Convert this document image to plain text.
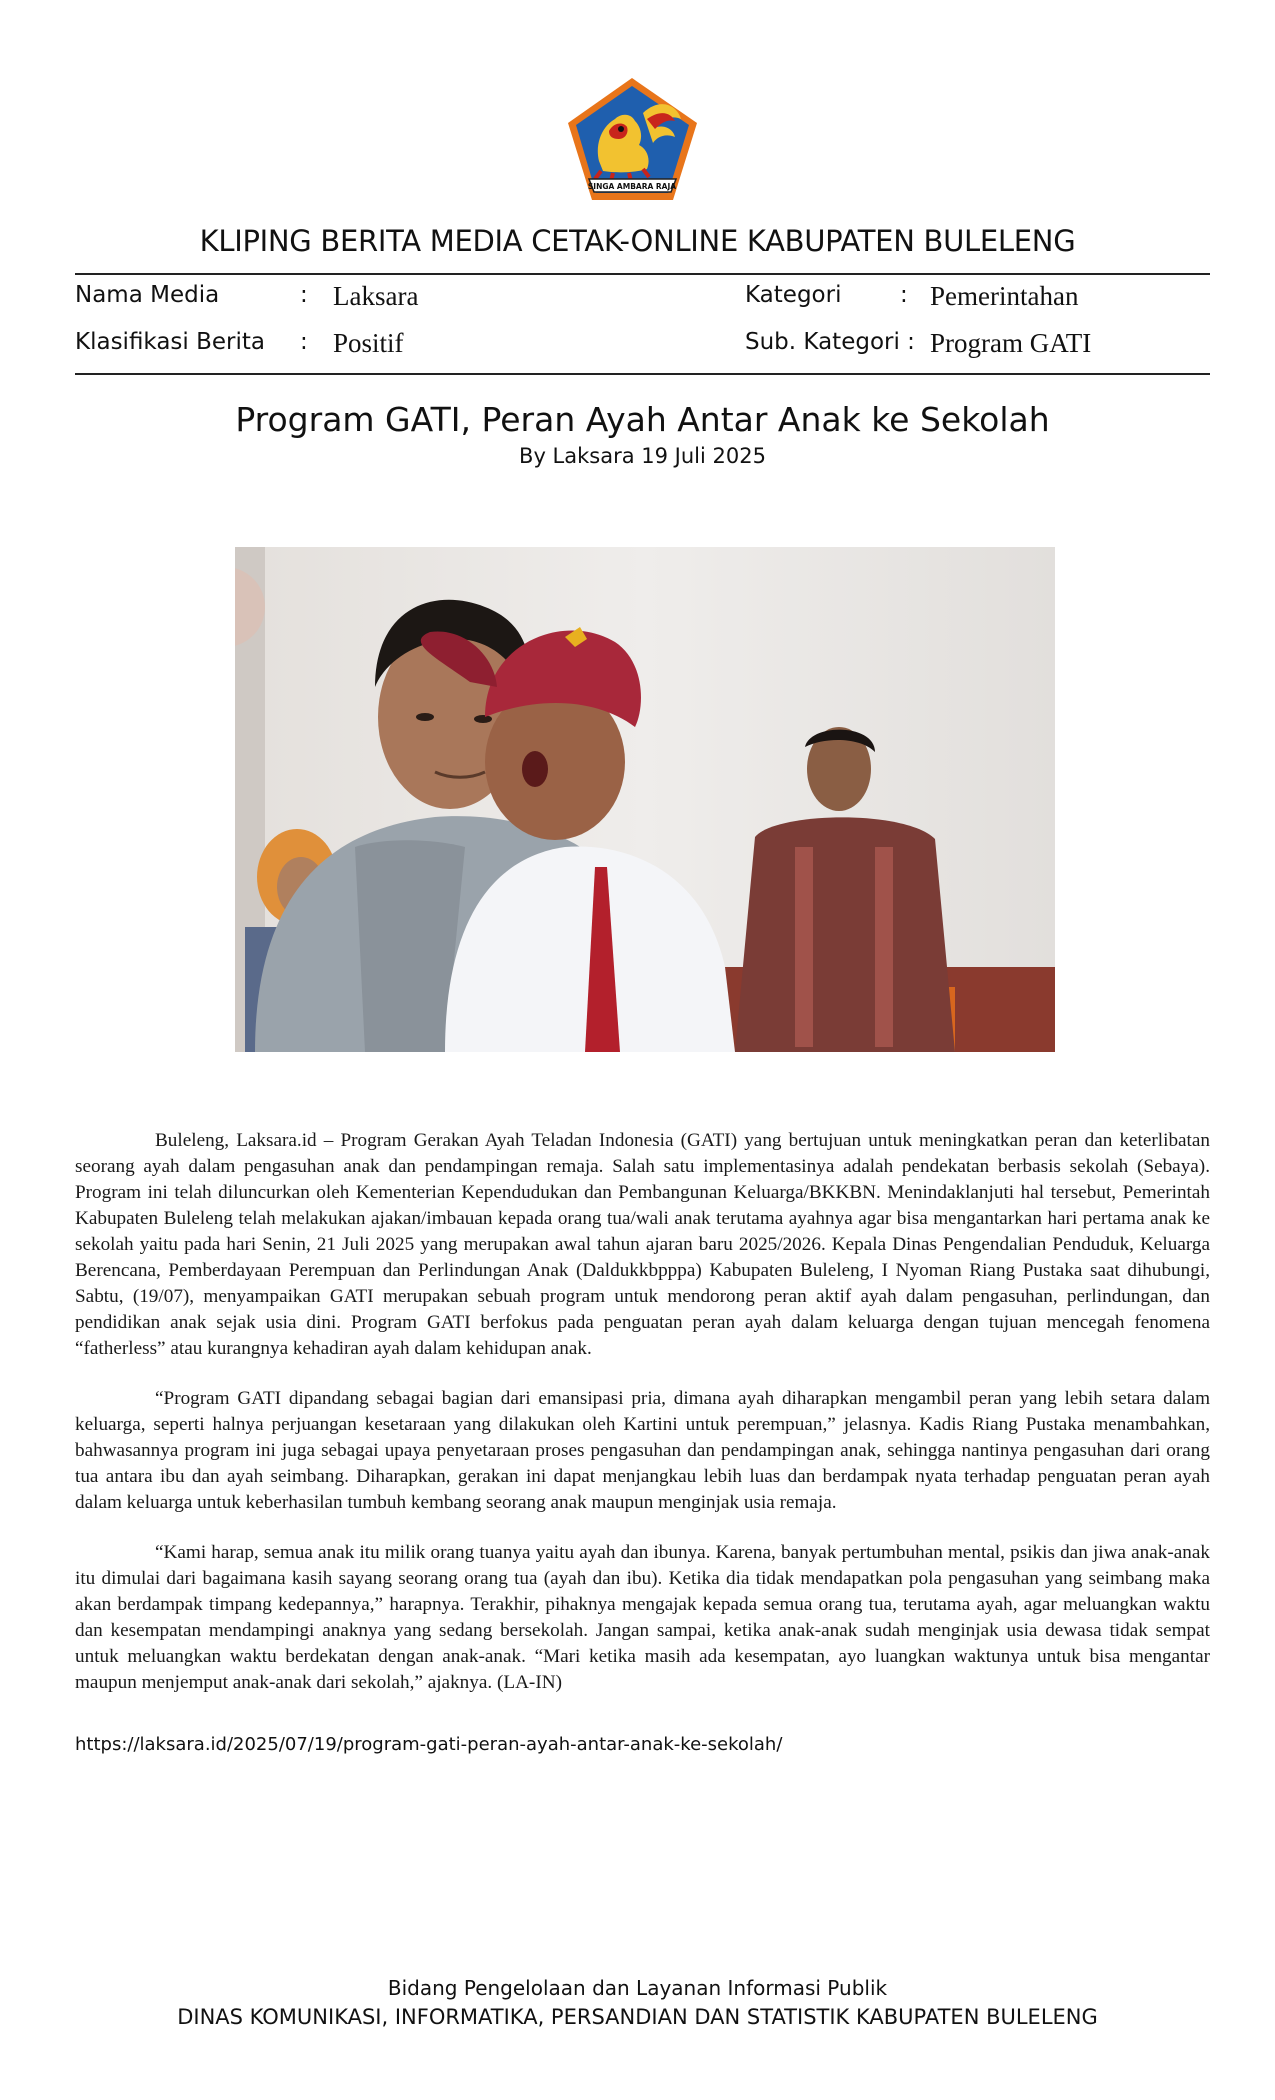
SINGA AMBARA RAJA
KLIPING BERITA MEDIA CETAK-ONLINE KABUPATEN BULELENG
Nama Media	: Laksara
Klasifikasi Berita : Positif
Kategori	: Pemerintahan
Sub. Kategori : Program GATI
Program GATI, Peran Ayah Antar Anak ke Sekolah
By Laksara 19 Juli 2025

Buleleng, Laksara.id – Program Gerakan Ayah Teladan Indonesia (GATI) yang bertujuan untuk meningkatkan peran dan keterlibatan seorang ayah dalam pengasuhan anak dan pendampingan remaja. Salah satu implementasinya adalah pendekatan berbasis sekolah (Sebaya). Program ini telah diluncurkan oleh Kementerian Kependudukan dan Pembangunan Keluarga/BKKBN. Menindaklanjuti hal tersebut, Pemerintah Kabupaten Buleleng telah melakukan ajakan/imbauan kepada orang tua/wali anak terutama ayahnya agar bisa mengantarkan hari pertama anak ke sekolah yaitu pada hari Senin, 21 Juli 2025 yang merupakan awal tahun ajaran baru 2025/2026. Kepala Dinas Pengendalian Penduduk, Keluarga Berencana, Pemberdayaan Perempuan dan Perlindungan Anak (Daldukkbpppa) Kabupaten Buleleng, I Nyoman Riang Pustaka saat dihubungi, Sabtu, (19/07), menyampaikan GATI merupakan sebuah program untuk mendorong peran aktif ayah dalam pengasuhan, perlindungan, dan pendidikan anak sejak usia dini. Program GATI berfokus pada penguatan peran ayah dalam keluarga dengan tujuan mencegah fenomena “fatherless” atau kurangnya kehadiran ayah dalam kehidupan anak.

“Program GATI dipandang sebagai bagian dari emansipasi pria, dimana ayah diharapkan mengambil peran yang lebih setara dalam keluarga, seperti halnya perjuangan kesetaraan yang dilakukan oleh Kartini untuk perempuan,” jelasnya. Kadis Riang Pustaka menambahkan, bahwasannya program ini juga sebagai upaya penyetaraan proses pengasuhan dan pendampingan anak, sehingga nantinya pengasuhan dari orang tua antara ibu dan ayah seimbang. Diharapkan, gerakan ini dapat menjangkau lebih luas dan berdampak nyata terhadap penguatan peran ayah dalam keluarga untuk keberhasilan tumbuh kembang seorang anak maupun menginjak usia remaja.

“Kami harap, semua anak itu milik orang tuanya yaitu ayah dan ibunya. Karena, banyak pertumbuhan mental, psikis dan jiwa anak-anak itu dimulai dari bagaimana kasih sayang seorang orang tua (ayah dan ibu). Ketika dia tidak mendapatkan pola pengasuhan yang seimbang maka akan berdampak timpang kedepannya,” harapnya. Terakhir, pihaknya mengajak kepada semua orang tua, terutama ayah, agar meluangkan waktu dan kesempatan mendampingi anaknya yang sedang bersekolah. Jangan sampai, ketika anak-anak sudah menginjak usia dewasa tidak sempat untuk meluangkan waktu berdekatan dengan anak-anak. “Mari ketika masih ada kesempatan, ayo luangkan waktunya untuk bisa mengantar maupun menjemput anak-anak dari sekolah,” ajaknya. (LA-IN)

https://laksara.id/2025/07/19/program-gati-peran-ayah-antar-anak-ke-sekolah/
Bidang Pengelolaan dan Layanan Informasi Publik
DINAS KOMUNIKASI, INFORMATIKA, PERSANDIAN DAN STATISTIK KABUPATEN BULELENG
